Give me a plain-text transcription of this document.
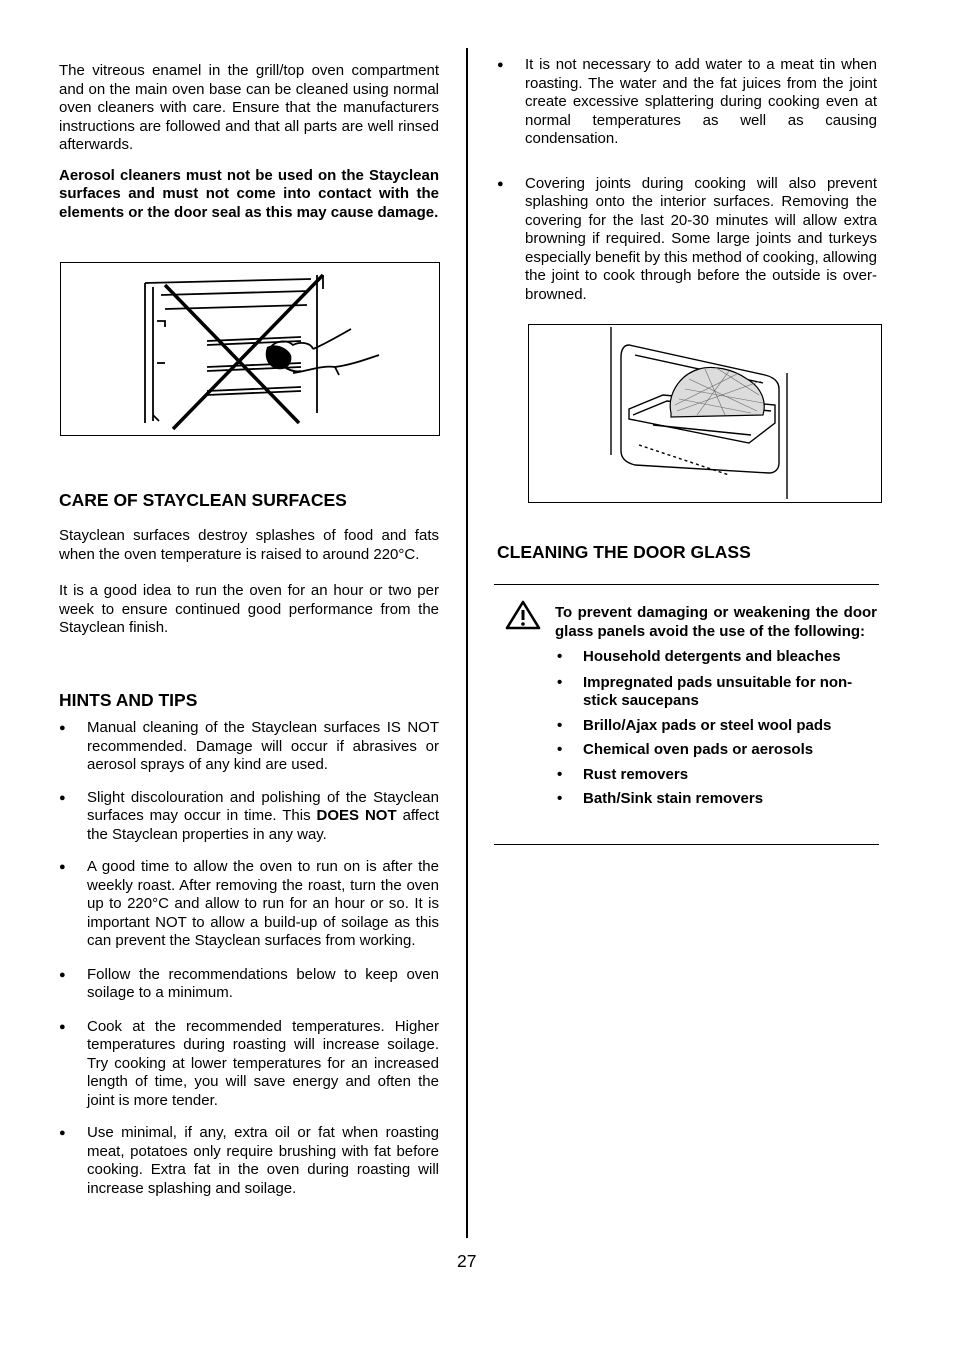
The vitreous enamel in the grill/top oven compartment and on the main oven base can be cleaned using normal oven cleaners with care. Ensure that the manufacturers instructions are followed and that all parts are well rinsed afterwards.

Aerosol cleaners must not be used on the Stayclean surfaces and must not come into contact with the elements or the door seal as this may cause damage.

CARE OF STAYCLEAN SURFACES

Stayclean surfaces destroy splashes of food and fats when the oven temperature is raised to around 220°C.

It is a good idea to run the oven for an hour or two per week to ensure continued good performance from the Stayclean finish.

HINTS AND TIPS
● Manual cleaning of the Stayclean surfaces IS NOT recommended. Damage will occur if abrasives or aerosol sprays of any kind are used.
● Slight discolouration and polishing of the Stayclean surfaces may occur in time. This DOES NOT affect the Stayclean properties in any way.
● A good time to allow the oven to run on is after the weekly roast. After removing the roast, turn the oven up to 220°C and allow to run for an hour or so. It is important NOT to allow a build-up of soilage as this can prevent the Stayclean surfaces from working.
● Follow the recommendations below to keep oven soilage to a minimum.
● Cook at the recommended temperatures. Higher temperatures during roasting will increase soilage. Try cooking at lower temperatures for an increased length of time, you will save energy and often the joint is more tender.
● Use minimal, if any, extra oil or fat when roasting meat, potatoes only require brushing with fat before cooking. Extra fat in the oven during roasting will increase splashing and soilage.
● It is not necessary to add water to a meat tin when roasting. The water and the fat juices from the joint create excessive splattering during cooking even at normal temperatures as well as causing condensation.
● Covering joints during cooking will also prevent splashing onto the interior surfaces. Removing the covering for the last 20-30 minutes will allow extra browning if required. Some large joints and turkeys especially benefit by this method of cooking, allowing the joint to cook through before the outside is over-browned.
CLEANING THE DOOR GLASS

To prevent damaging or weakening the door glass panels avoid the use of the following:

• Household detergents and bleaches
• Impregnated pads unsuitable for non-stick saucepans
• Brillo/Ajax pads or steel wool pads
• Chemical oven pads or aerosols
• Rust removers
• Bath/Sink stain removers
27
